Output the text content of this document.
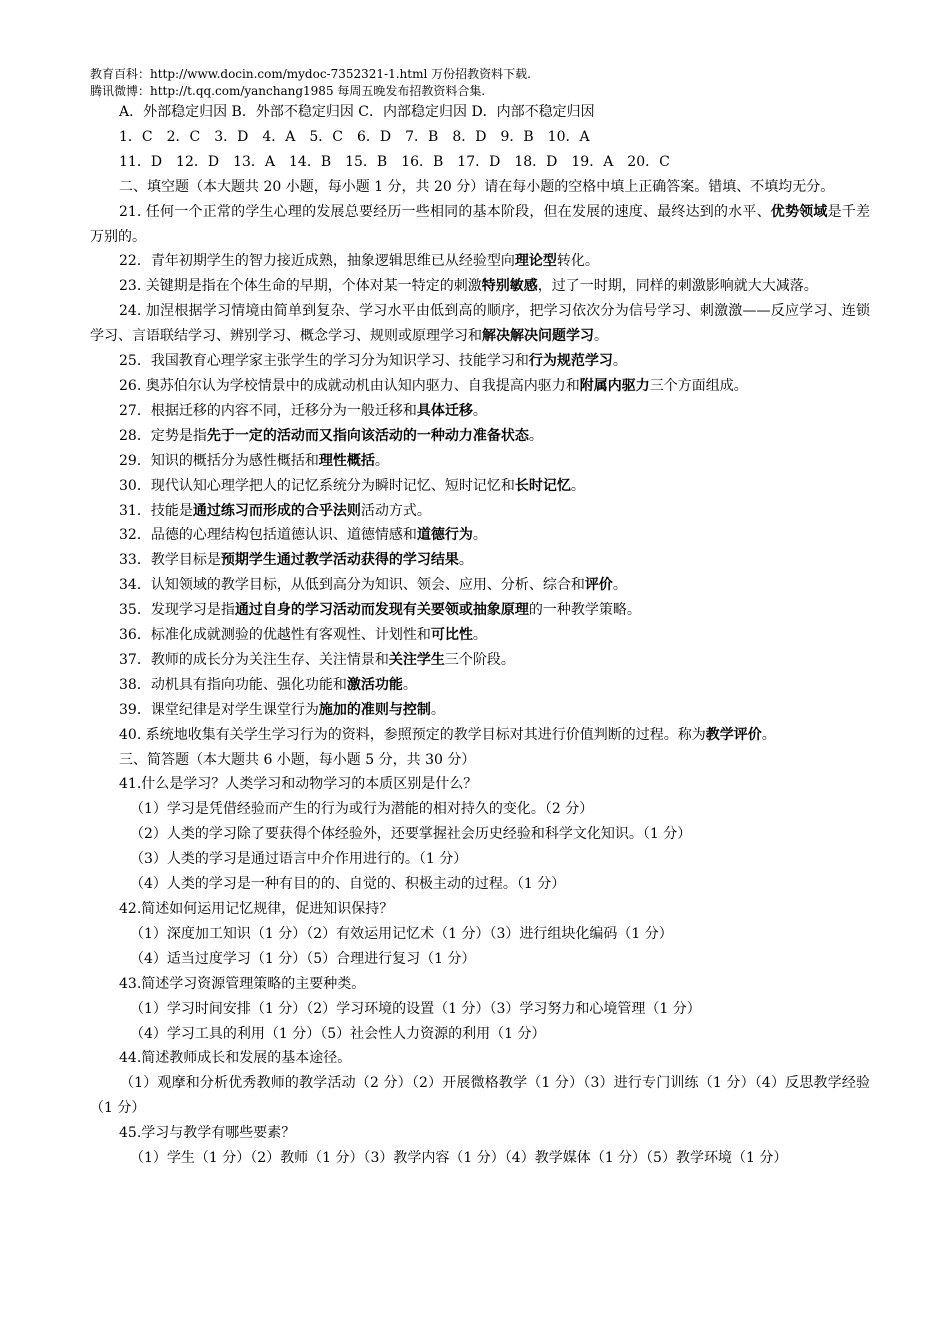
教育百科：http://www.docin.com/mydoc-7352321-1.html 万份招教资料下载.
腾讯微博：http://t.qq.com/yanchang1985 每周五晚发布招教资料合集.

A．外部稳定归因 B．外部不稳定归因 C．内部稳定归因 D．内部不稳定归因

1．C　2．C　3．D　4．A　5．C　6．D　7．B　8．D　9．B　10．A

11．D　12．D　13．A　14．B　15．B　16．B　17．D　18．D　19．A　20．C

二、填空题（本大题共 20 小题，每小题 1 分，共 20 分）请在每小题的空格中填上正确答案。错填、不填均无分。

21. 任何一个正常的学生心理的发展总要经历一些相同的基本阶段，但在发展的速度、最终达到的水平、优势领域是千差万别的。

22．青年初期学生的智力接近成熟，抽象逻辑思维已从经验型向理论型转化。

23. 关键期是指在个体生命的早期，个体对某一特定的刺激特别敏感，过了一时期，同样的刺激影响就大大减落。

24. 加涅根据学习情境由简单到复杂、学习水平由低到高的顺序，把学习依次分为信号学习、刺激激——反应学习、连锁学习、言语联结学习、辨别学习、概念学习、规则或原理学习和解决解决问题学习。

25．我国教育心理学家主张学生的学习分为知识学习、技能学习和行为规范学习。

26. 奥苏伯尔认为学校情景中的成就动机由认知内驱力、自我提高内驱力和附属内驱力三个方面组成。

27．根据迁移的内容不同，迁移分为一般迁移和具体迁移。

28．定势是指先于一定的活动而又指向该活动的一种动力准备状态。

29．知识的概括分为感性概括和理性概括。

30．现代认知心理学把人的记忆系统分为瞬时记忆、短时记忆和长时记忆。

31．技能是通过练习而形成的合乎法则活动方式。

32．品德的心理结构包括道德认识、道德情感和道德行为。

33．教学目标是预期学生通过教学活动获得的学习结果。

34．认知领域的教学目标，从低到高分为知识、领会、应用、分析、综合和评价。

35．发现学习是指通过自身的学习活动而发现有关要领或抽象原理的一种教学策略。

36．标准化成就测验的优越性有客观性、计划性和可比性。

37．教师的成长分为关注生存、关注情景和关注学生三个阶段。

38．动机具有指向功能、强化功能和激活功能。

39．课堂纪律是对学生课堂行为施加的准则与控制。

40. 系统地收集有关学生学习行为的资料，参照预定的教学目标对其进行价值判断的过程。称为教学评价。

三、简答题（本大题共 6 小题，每小题 5 分，共 30 分）

41.什么是学习？人类学习和动物学习的本质区别是什么？

（1）学习是凭借经验而产生的行为或行为潜能的相对持久的变化。（2 分）

（2）人类的学习除了要获得个体经验外，还要掌握社会历史经验和科学文化知识。（1 分）

（3）人类的学习是通过语言中介作用进行的。（1 分）

（4）人类的学习是一种有目的的、自觉的、积极主动的过程。（1 分）

42.简述如何运用记忆规律，促进知识保持？

（1）深度加工知识（1 分）（2）有效运用记忆术（1 分）（3）进行组块化编码（1 分）

（4）适当过度学习（1 分）（5）合理进行复习（1 分）

43.简述学习资源管理策略的主要种类。

（1）学习时间安排（1 分）（2）学习环境的设置（1 分）（3）学习努力和心境管理（1 分）

（4）学习工具的利用（1 分）（5）社会性人力资源的利用（1 分）

44.简述教师成长和发展的基本途径。

（1）观摩和分析优秀教师的教学活动（2 分）（2）开展微格教学（1 分）（3）进行专门训练（1 分）（4）反思教学经验（1 分）

45.学习与教学有哪些要素？

（1）学生（1 分）（2）教师（1 分）（3）教学内容（1 分）（4）教学媒体（1 分）（5）教学环境（1 分）
